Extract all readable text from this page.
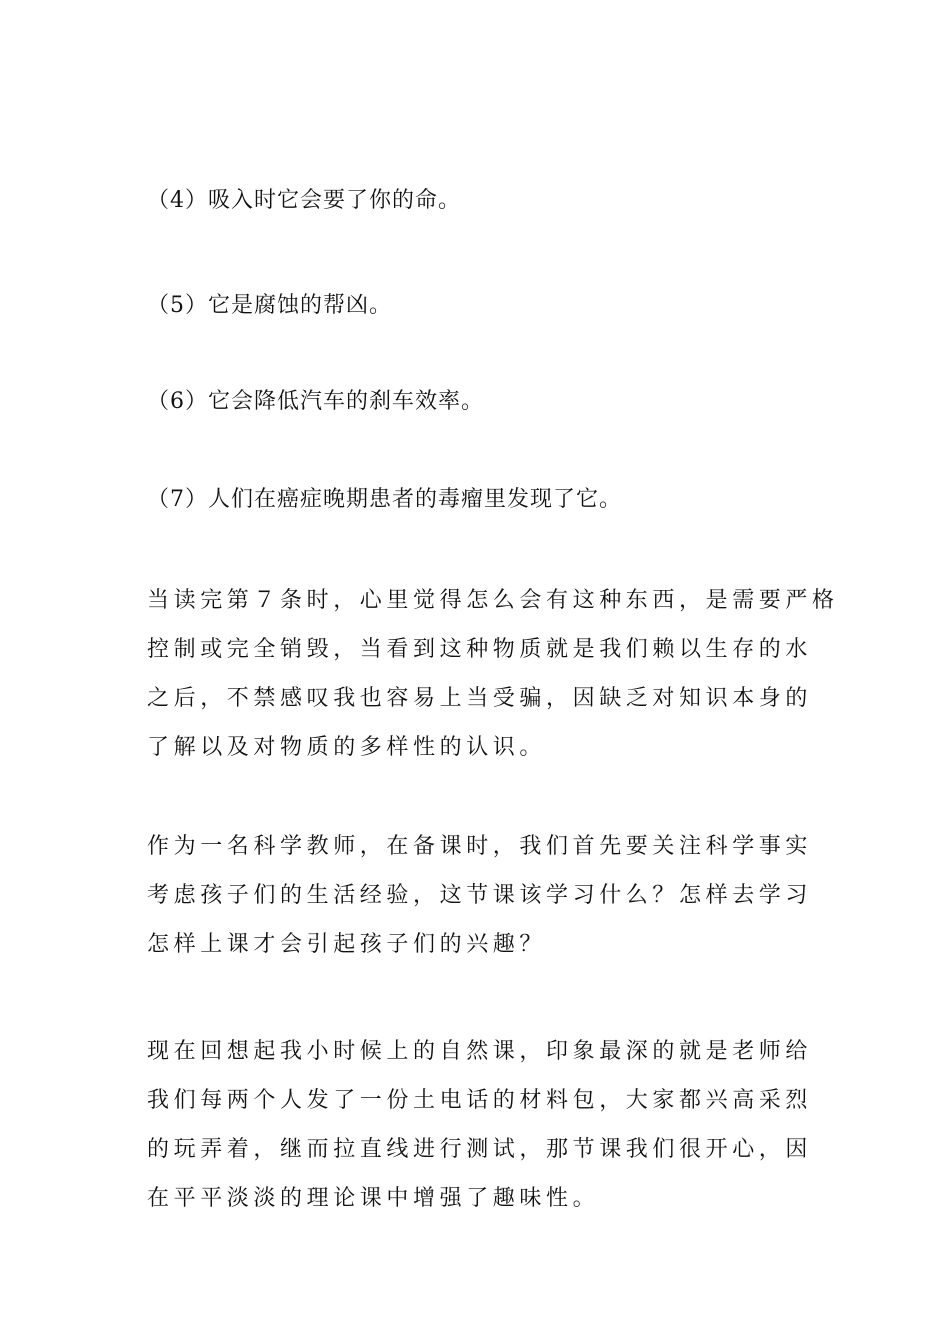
（4）吸入时它会要了你的命。
（5）它是腐蚀的帮凶。
（6）它会降低汽车的刹车效率。
（7）人们在癌症晚期患者的毒瘤里发现了它。
当读完第７条时，心里觉得怎么会有这种东西，是需要严格
控制或完全销毁，当看到这种物质就是我们赖以生存的水
之后，不禁感叹我也容易上当受骗，因缺乏对知识本身的
了解以及对物质的多样性的认识。
作为一名科学教师，在备课时，我们首先要关注科学事实
考虑孩子们的生活经验，这节课该学习什么？怎样去学习
怎样上课才会引起孩子们的兴趣？
现在回想起我小时候上的自然课，印象最深的就是老师给
我们每两个人发了一份土电话的材料包，大家都兴高采烈
的玩弄着，继而拉直线进行测试，那节课我们很开心，因
在平平淡淡的理论课中增强了趣味性。
